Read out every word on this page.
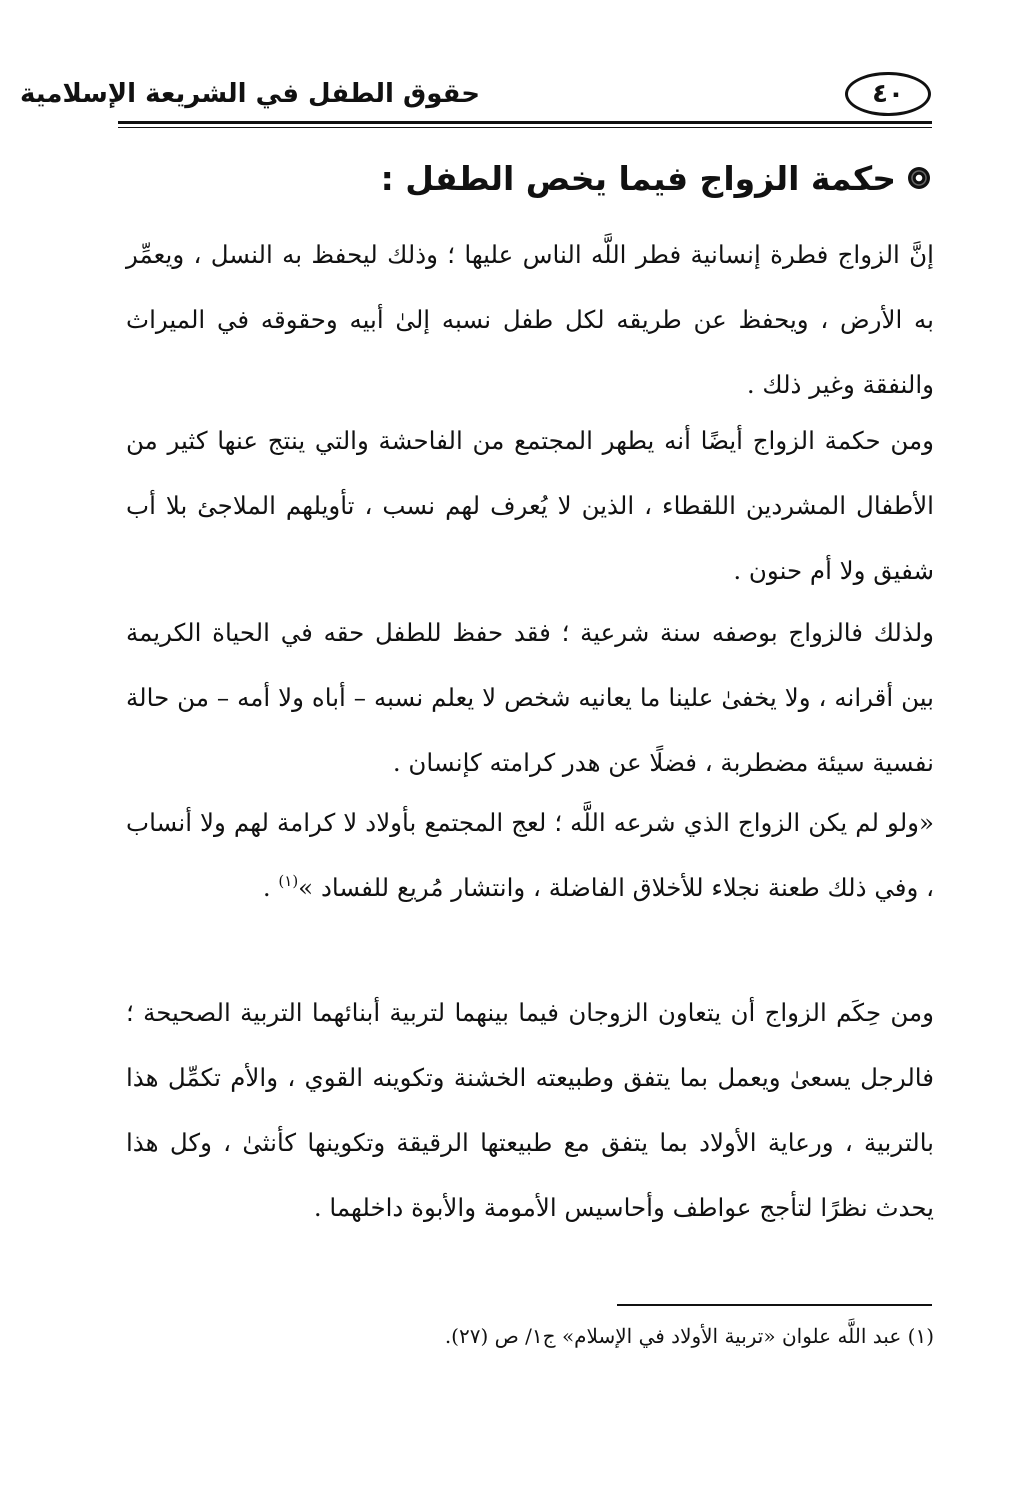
٤٠
حقوق الطفل في الشريعة الإسلامية
حكمة الزواج فيما يخص الطفل :
إنَّ الزواج فطرة إنسانية فطر اللَّه الناس عليها ؛ وذلك ليحفظ به النسل ، ويعمِّر به الأرض ، ويحفظ عن طريقه لكل طفل نسبه إلىٰ أبيه وحقوقه في الميراث والنفقة وغير ذلك .
ومن حكمة الزواج أيضًا أنه يطهر المجتمع من الفاحشة والتي ينتج عنها كثير من الأطفال المشردين اللقطاء ، الذين لا يُعرف لهم نسب ، تأويلهم الملاجئ بلا أب شفيق ولا أم حنون .
ولذلك فالزواج بوصفه سنة شرعية ؛ فقد حفظ للطفل حقه في الحياة الكريمة بين أقرانه ، ولا يخفىٰ علينا ما يعانيه شخص لا يعلم نسبه – أباه ولا أمه – من حالة نفسية سيئة مضطربة ، فضلًا عن هدر كرامته كإنسان .
«ولو لم يكن الزواج الذي شرعه اللَّه ؛ لعج المجتمع بأولاد لا كرامة لهم ولا أنساب ، وفي ذلك طعنة نجلاء للأخلاق الفاضلة ، وانتشار مُريع للفساد »$^{(١)}$ .
ومن حِكَم الزواج أن يتعاون الزوجان فيما بينهما لتربية أبنائهما التربية الصحيحة ؛ فالرجل يسعىٰ ويعمل بما يتفق وطبيعته الخشنة وتكوينه القوي ، والأم تكمِّل هذا بالتربية ، ورعاية الأولاد بما يتفق مع طبيعتها الرقيقة وتكوينها كأنثىٰ ، وكل هذا يحدث نظرًا لتأجج عواطف وأحاسيس الأمومة والأبوة داخلهما .
(١) عبد اللَّه علوان «تربية الأولاد في الإسلام» ج١/ ص (٢٧).
